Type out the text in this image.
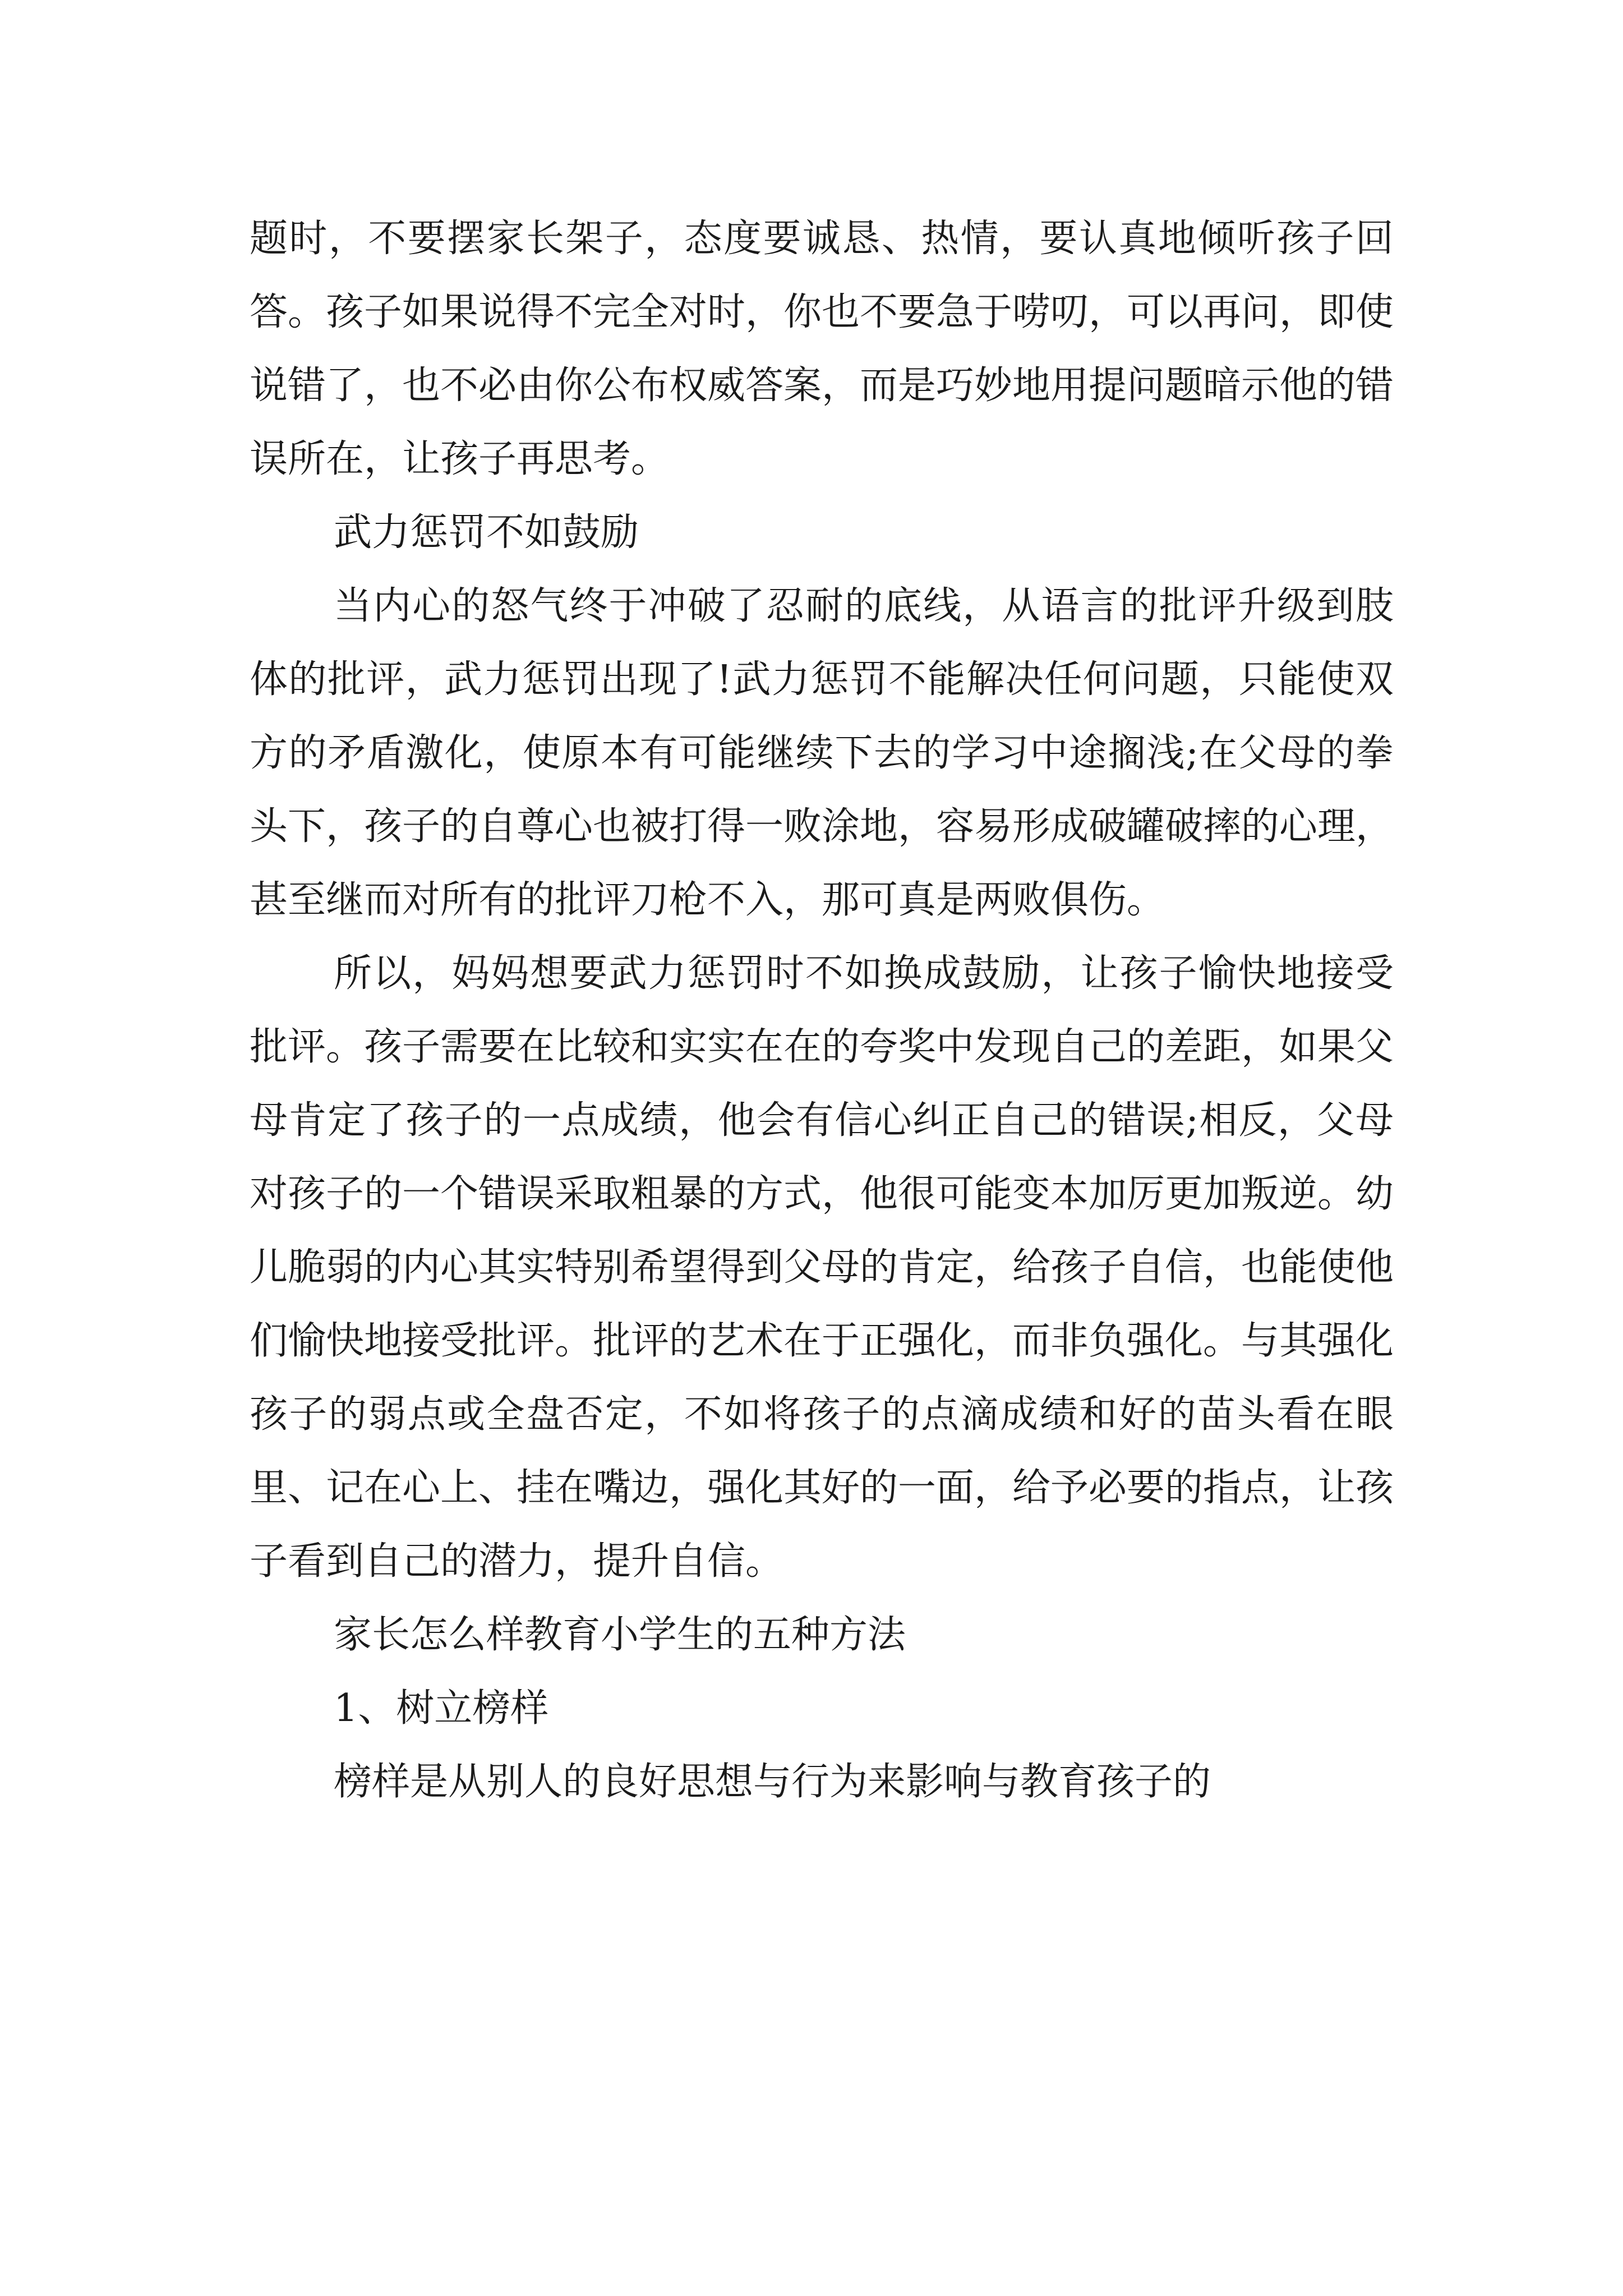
题时，不要摆家长架子，态度要诚恳、热情，要认真地倾听孩子回答。孩子如果说得不完全对时，你也不要急于唠叨，可以再问，即使说错了，也不必由你公布权威答案，而是巧妙地用提问题暗示他的错误所在，让孩子再思考。

武力惩罚不如鼓励

当内心的怒气终于冲破了忍耐的底线，从语言的批评升级到肢体的批评，武力惩罚出现了!武力惩罚不能解决任何问题，只能使双方的矛盾激化，使原本有可能继续下去的学习中途搁浅;在父母的拳头下，孩子的自尊心也被打得一败涂地，容易形成破罐破摔的心理，甚至继而对所有的批评刀枪不入，那可真是两败俱伤。

所以，妈妈想要武力惩罚时不如换成鼓励，让孩子愉快地接受批评。孩子需要在比较和实实在在的夸奖中发现自己的差距，如果父母肯定了孩子的一点成绩，他会有信心纠正自己的错误;相反，父母对孩子的一个错误采取粗暴的方式，他很可能变本加厉更加叛逆。幼儿脆弱的内心其实特别希望得到父母的肯定，给孩子自信，也能使他们愉快地接受批评。批评的艺术在于正强化，而非负强化。与其强化孩子的弱点或全盘否定，不如将孩子的点滴成绩和好的苗头看在眼里、记在心上、挂在嘴边，强化其好的一面，给予必要的指点，让孩子看到自己的潜力，提升自信。

家长怎么样教育小学生的五种方法

1、树立榜样

榜样是从别人的良好思想与行为来影响与教育孩子的
